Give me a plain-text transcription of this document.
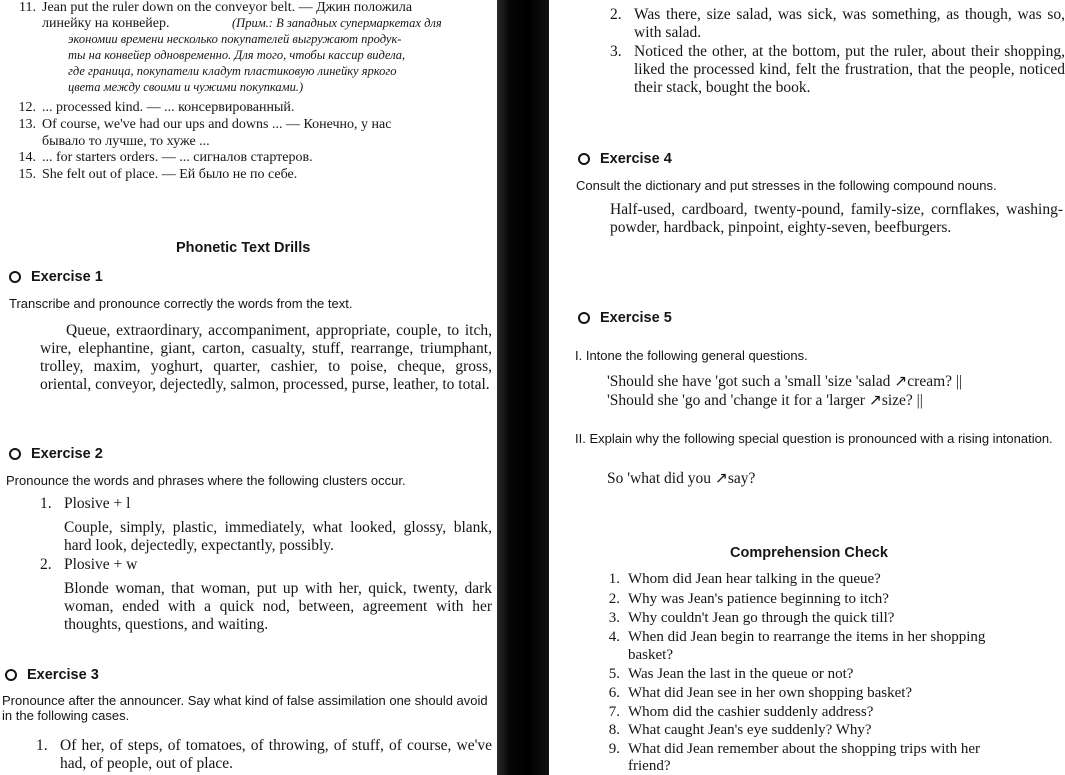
11. Jean put the ruler down on the conveyor belt. — Джин положила
линейку на конвейер.	(Прим.: В западных супермаркетах для
экономии времени несколько покупателей выгружают продук-
ты на конвейер одновременно. Для того, чтобы кассир видела,
где граница, покупатели кладут пластиковую линейку яркого
цвета между своими и чужими покупками.)
12. ... processed kind. — ... консервированный.
13. Of course, we've had our ups and downs ... — Конечно, у нас
бывало то лучше, то хуже ...
14. ... for starters orders. — ... сигналов стартеров.
15. She felt out of place. — Ей было не по себе.
Phonetic Text Drills
Exercise 1
Transcribe and pronounce correctly the words from the text.
Queue, extraordinary, accompaniment, appropriate, couple, to itch, wire, elephantine, giant, carton, casualty, stuff, rearrange, triumphant, trolley, maxim, yoghurt, quarter, cashier, to poise, cheque, gross, oriental, conveyor, dejectedly, salmon, processed, purse, leather, to total.
Exercise 2
Pronounce the words and phrases where the following clusters occur.
1. Plosive + l
Couple, simply, plastic, immediately, what looked, glossy, blank, hard look, dejectedly, expectantly, possibly.
2. Plosive + w
Blonde woman, that woman, put up with her, quick, twenty, dark woman, ended with a quick nod, between, agreement with her thoughts, questions, and waiting.
Exercise 3
Pronounce after the announcer. Say what kind of false assimilation one should avoid in the following cases.
1. Of her, of steps, of tomatoes, of throwing, of stuff, of course, we've had, of people, out of place.
2. Was there, size salad, was sick, was something, as though, was so, with salad.
3. Noticed the other, at the bottom, put the ruler, about their shopping, liked the processed kind, felt the frustration, that the people, noticed their stack, bought the book.
Exercise 4
Consult the dictionary and put stresses in the following compound nouns.
Half-used, cardboard, twenty-pound, family-size, cornflakes, washing-powder, hardback, pinpoint, eighty-seven, beefburgers.
Exercise 5
I. Intone the following general questions.
'Should she have 'got such a 'small 'size 'salad ↗cream? ||
'Should she 'go and 'change it for a 'larger ↗size? ||
II. Explain why the following special question is pronounced with a rising intonation.
So 'what did you ↗say?
Comprehension Check
1. Whom did Jean hear talking in the queue?
2. Why was Jean's patience beginning to itch?
3. Why couldn't Jean go through the quick till?
4. When did Jean begin to rearrange the items in her shopping
basket?
5. Was Jean the last in the queue or not?
6. What did Jean see in her own shopping basket?
7. Whom did the cashier suddenly address?
8. What caught Jean's eye suddenly? Why?
9. What did Jean remember about the shopping trips with her
friend?
